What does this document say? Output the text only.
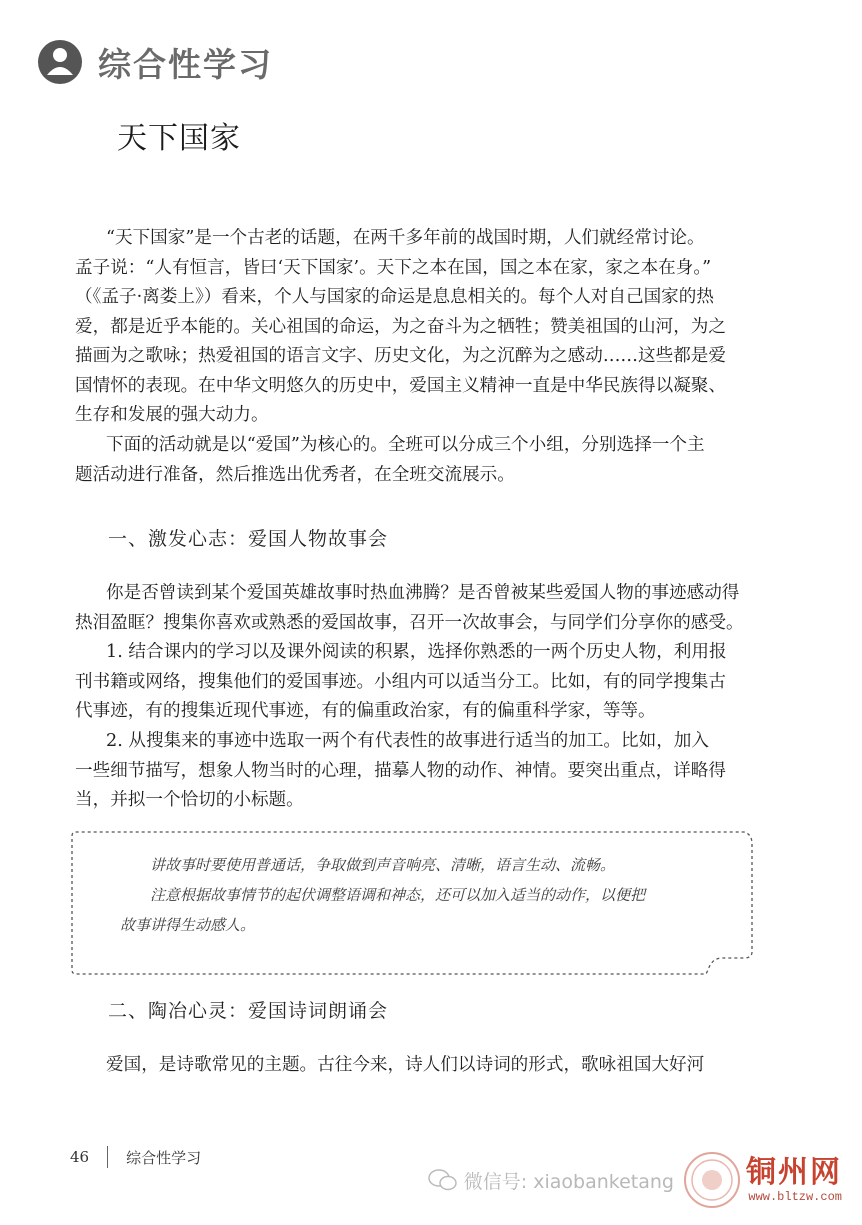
综合性学习
天下国家
“天下国家”是一个古老的话题，在两千多年前的战国时期，人们就经常讨论。
孟子说：“人有恒言，皆曰‘天下国家’。天下之本在国，国之本在家，家之本在身。”
（《孟子·离娄上》）看来，个人与国家的命运是息息相关的。每个人对自己国家的热
爱，都是近乎本能的。关心祖国的命运，为之奋斗为之牺牲；赞美祖国的山河，为之
描画为之歌咏；热爱祖国的语言文字、历史文化，为之沉醉为之感动……这些都是爱
国情怀的表现。在中华文明悠久的历史中，爱国主义精神一直是中华民族得以凝聚、
生存和发展的强大动力。
下面的活动就是以“爱国”为核心的。全班可以分成三个小组，分别选择一个主
题活动进行准备，然后推选出优秀者，在全班交流展示。
一、激发心志：爱国人物故事会
你是否曾读到某个爱国英雄故事时热血沸腾？是否曾被某些爱国人物的事迹感动得
热泪盈眶？搜集你喜欢或熟悉的爱国故事，召开一次故事会，与同学们分享你的感受。
1. 结合课内的学习以及课外阅读的积累，选择你熟悉的一两个历史人物，利用报
刊书籍或网络，搜集他们的爱国事迹。小组内可以适当分工。比如，有的同学搜集古
代事迹，有的搜集近现代事迹，有的偏重政治家，有的偏重科学家，等等。
2. 从搜集来的事迹中选取一两个有代表性的故事进行适当的加工。比如，加入
一些细节描写，想象人物当时的心理，描摹人物的动作、神情。要突出重点，详略得
当，并拟一个恰切的小标题。
讲故事时要使用普通话，争取做到声音响亮、清晰，语言生动、流畅。
注意根据故事情节的起伏调整语调和神态，还可以加入适当的动作，以便把
故事讲得生动感人。
二、陶冶心灵：爱国诗词朗诵会
爱国，是诗歌常见的主题。古往今来，诗人们以诗词的形式，歌咏祖国大好河
46 综合性学习
微信号: xiaobanketang 铜州网
www.bltzw.com
